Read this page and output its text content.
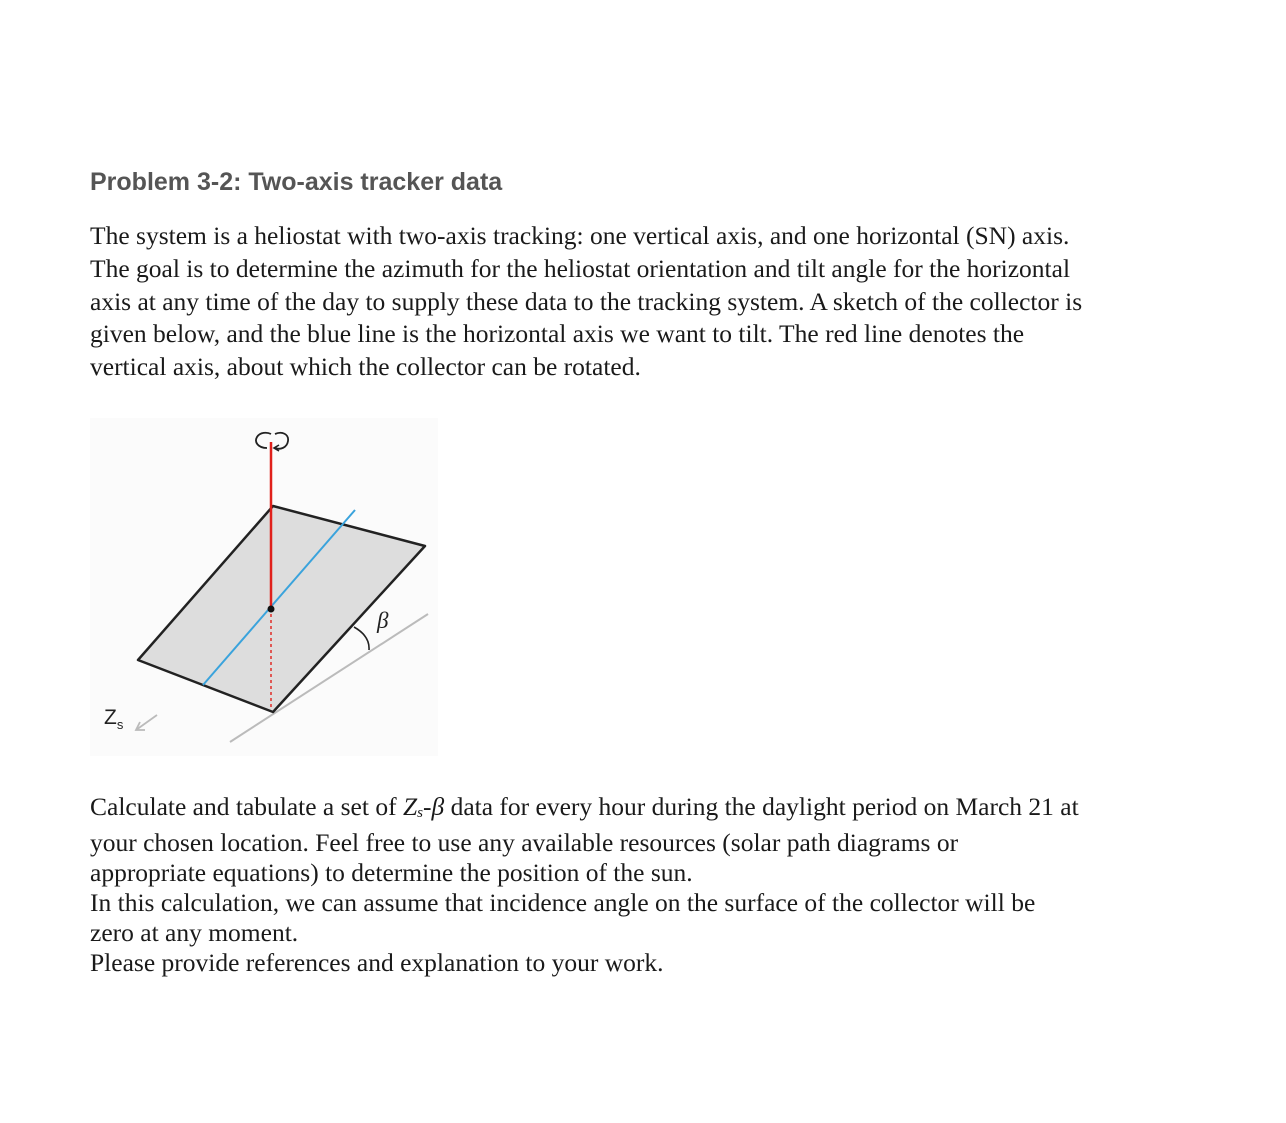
Problem 3-2: Two-axis tracker data
The system is a heliostat with two-axis tracking: one vertical axis, and one horizontal (SN) axis.
The goal is to determine the azimuth for the heliostat orientation and tilt angle for the horizontal
axis at any time of the day to supply these data to the tracking system. A sketch of the collector is
given below, and the blue line is the horizontal axis we want to tilt. The red line denotes the
vertical axis, about which the collector can be rotated.
β
$Z_s$
Calculate and tabulate a set of Zs-β data for every hour during the daylight period on March 21 at
your chosen location. Feel free to use any available resources (solar path diagrams or
appropriate equations) to determine the position of the sun.
In this calculation, we can assume that incidence angle on the surface of the collector will be
zero at any moment.
Please provide references and explanation to your work.
